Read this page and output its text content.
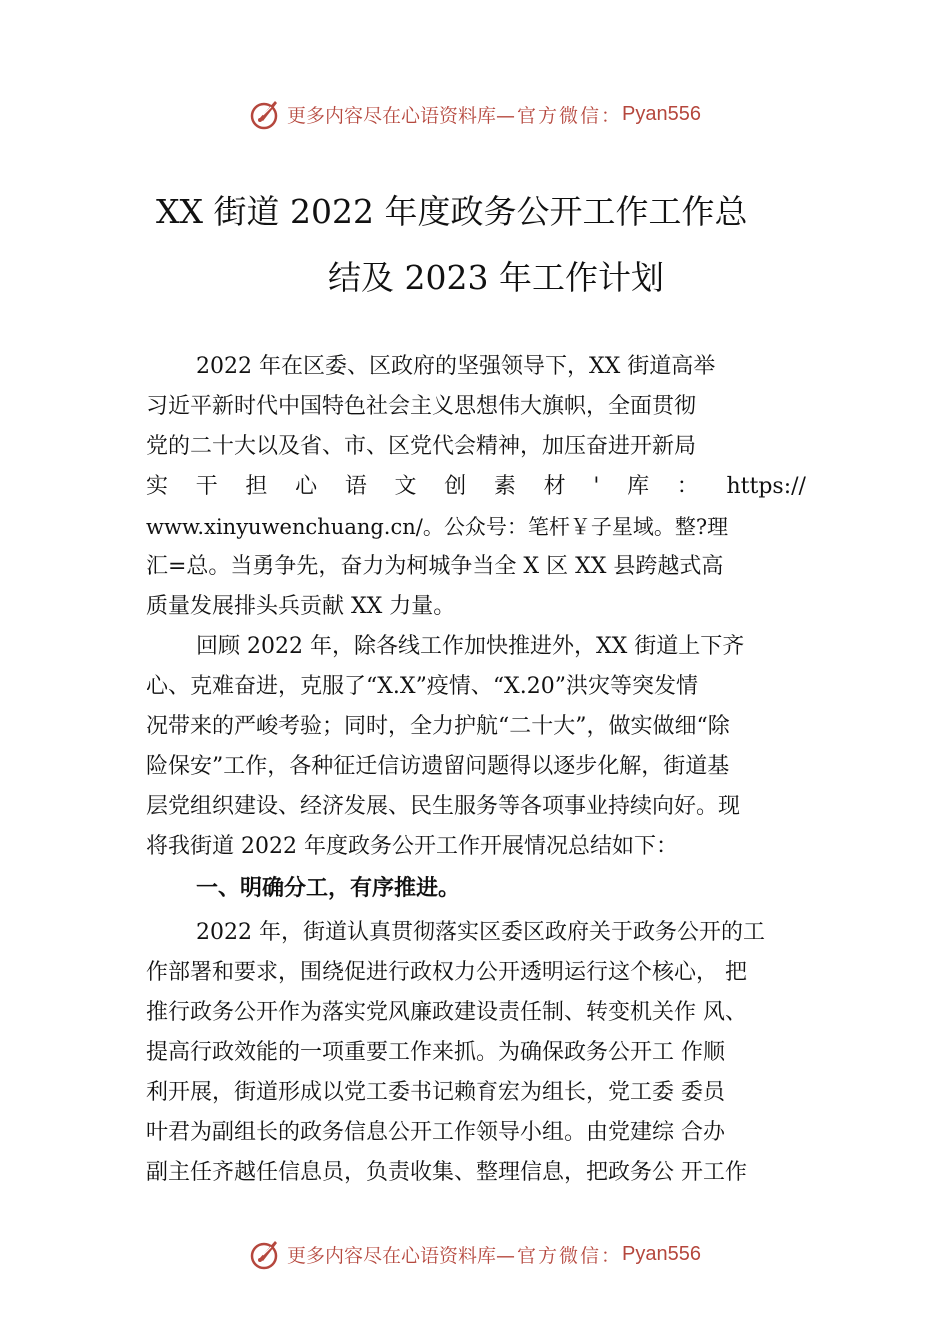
更多内容尽在心语资料库 —官方微信： Pyan556
XX 街道 2022 年度政务公开工作工作总
结及 2023 年工作计划
2022 年在区委、区政府的坚强领导下，XX 街道高举
习近平新时代中国特色社会主义思想伟大旗帜，全面贯彻
党的二十大以及省、市、区党代会精神，加压奋进开新局
实 干 担 心 语 文 创 素 材 ' 库 ： https://
www.xinyuwenchuang.cn/。公众号：笔杆￥子星域。整?理
汇=总。当勇争先，奋力为柯城争当全 X 区 XX 县跨越式高
质量发展排头兵贡献 XX 力量。
回顾 2022 年，除各线工作加快推进外，XX 街道上下齐
心、克难奋进，克服了“X.X”疫情、“X.20”洪灾等突发情
况带来的严峻考验；同时，全力护航“二十大”，做实做细“除
险保安”工作，各种征迁信访遗留问题得以逐步化解，街道基
层党组织建设、经济发展、民生服务等各项事业持续向好。现
将我街道 2022 年度政务公开工作开展情况总结如下：
一、明确分工，有序推进。
2022 年，街道认真贯彻落实区委区政府关于政务公开的工
作部署和要求，围绕促进行政权力公开透明运行这个核心， 把
推行政务公开作为落实党风廉政建设责任制、转变机关作 风、
提高行政效能的一项重要工作来抓。为确保政务公开工 作顺
利开展，街道形成以党工委书记赖育宏为组长，党工委 委员
叶君为副组长的政务信息公开工作领导小组。由党建综 合办
副主任齐越任信息员，负责收集、整理信息，把政务公 开工作
更多内容尽在心语资料库 —官方微信： Pyan556
